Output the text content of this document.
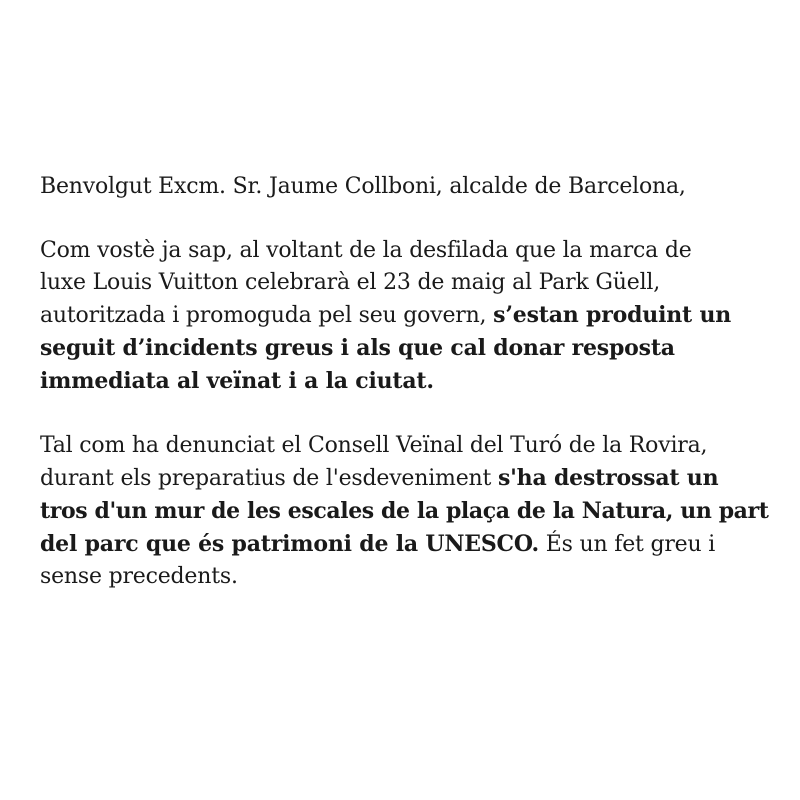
Benvolgut Excm. Sr. Jaume Collboni, alcalde de Barcelona,

Com vostè ja sap, al voltant de la desfilada que la marca de
luxe Louis Vuitton celebrarà el 23 de maig al Park Güell,
autoritzada i promoguda pel seu govern, s’estan produint un
seguit d’incidents greus i als que cal donar resposta
immediata al veïnat i a la ciutat.

Tal com ha denunciat el Consell Veïnal del Turó de la Rovira,
durant els preparatius de l'esdeveniment s'ha destrossat un
tros d'un mur de les escales de la plaça de la Natura, un part
del parc que és patrimoni de la UNESCO. És un fet greu i
sense precedents.
